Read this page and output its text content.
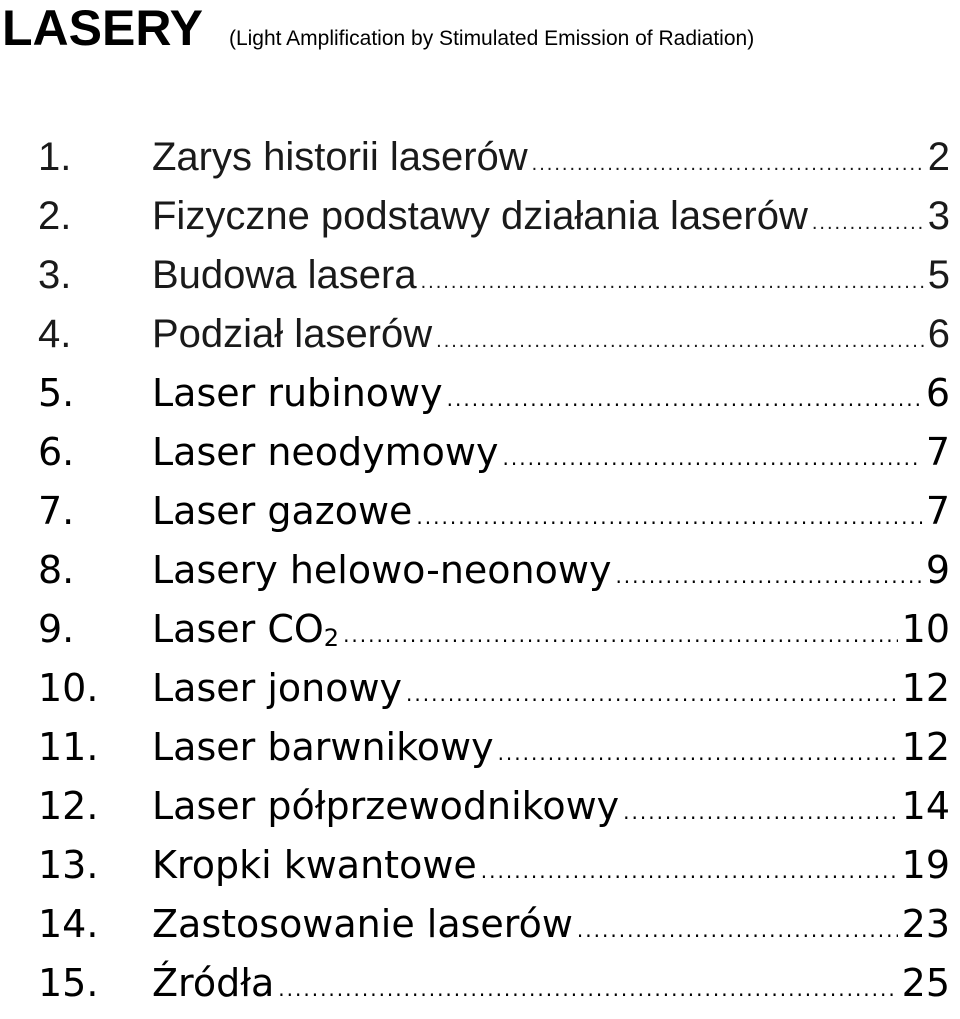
LASERY (Light Amplification by Stimulated Emission of Radiation)
1. Zarys historii laserów .....	2
2. Fizyczne podstawy działania laserów .....	3
3. Budowa lasera .....	5
4. Podział laserów .....	6
5. Laser rubinowy .....	6
6. Laser neodymowy .....	7
7. Laser gazowe .....	7
8. Lasery helowo-neonowy .....	9
9. Laser $CO_2$ .....	10
10. Laser jonowy .....	12
11. Laser barwnikowy .....	12
12. Laser półprzewodnikowy .....	14
13. Kropki kwantowe .....	19
14. Zastosowanie laserów .....	23
15. Źródła .....	25
